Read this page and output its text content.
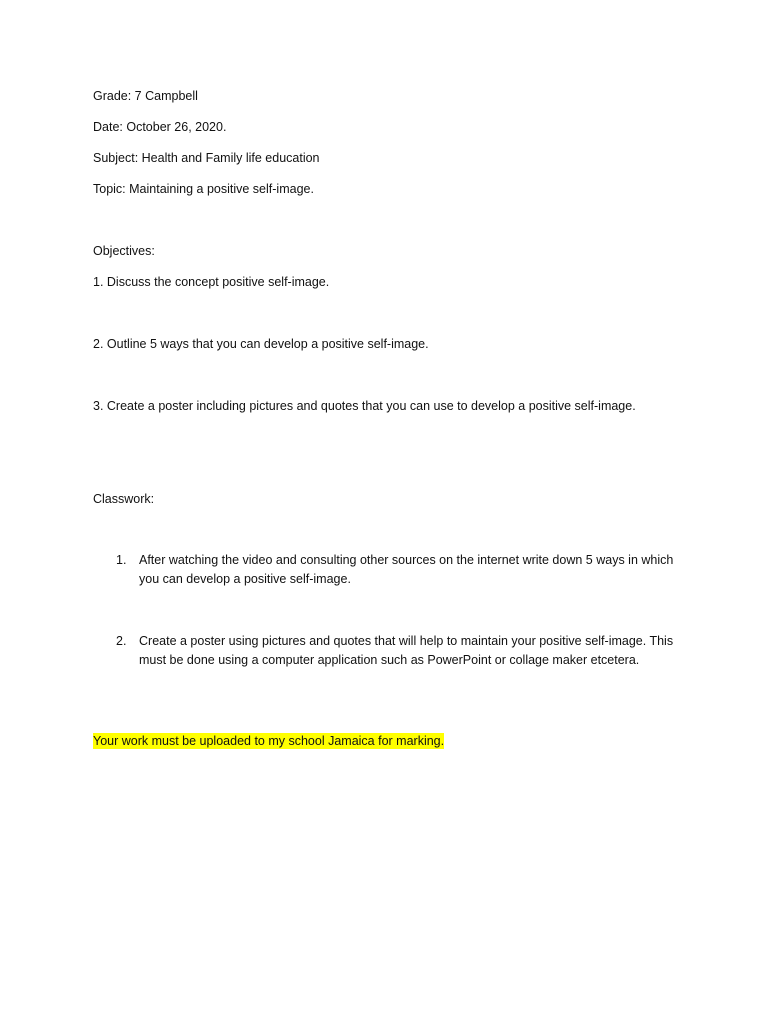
Grade: 7 Campbell
Date: October 26, 2020.
Subject: Health and Family life education
Topic: Maintaining a positive self-image.
Objectives:
1. Discuss the concept positive self-image.
2. Outline 5 ways that you can develop a positive self-image.
3. Create a poster including pictures and quotes that you can use to develop a positive self-image.
Classwork:
1. After watching the video and consulting other sources on the internet write down 5 ways in which you can develop a positive self-image.
2. Create a poster using pictures and quotes that will help to maintain your positive self-image. This must be done using a computer application such as PowerPoint or collage maker etcetera.
Your work must be uploaded to my school Jamaica for marking.
